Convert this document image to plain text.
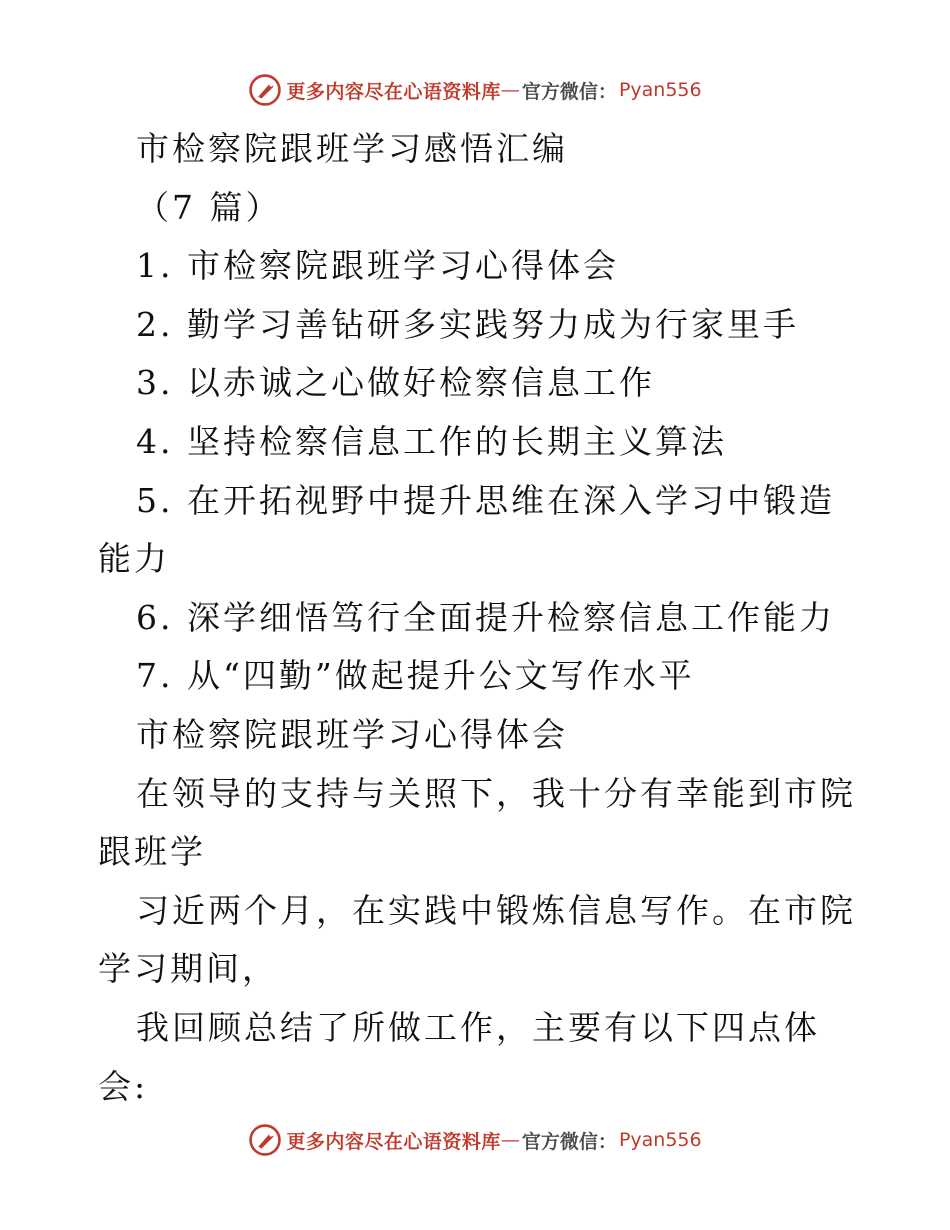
更多内容尽在心语资料库 — 官方微信： Pyan556

市检察院跟班学习感悟汇编

（7 篇）

1. 市检察院跟班学习心得体会

2. 勤学习善钻研多实践努力成为行家里手

3. 以赤诚之心做好检察信息工作

4. 坚持检察信息工作的长期主义算法

5. 在开拓视野中提升思维在深入学习中锻造能力

6. 深学细悟笃行全面提升检察信息工作能力

7. 从“四勤”做起提升公文写作水平

市检察院跟班学习心得体会

在领导的支持与关照下，我十分有幸能到市院跟班学

习近两个月，在实践中锻炼信息写作。在市院学习期间，

我回顾总结了所做工作，主要有以下四点体会:

更多内容尽在心语资料库 — 官方微信： Pyan556
